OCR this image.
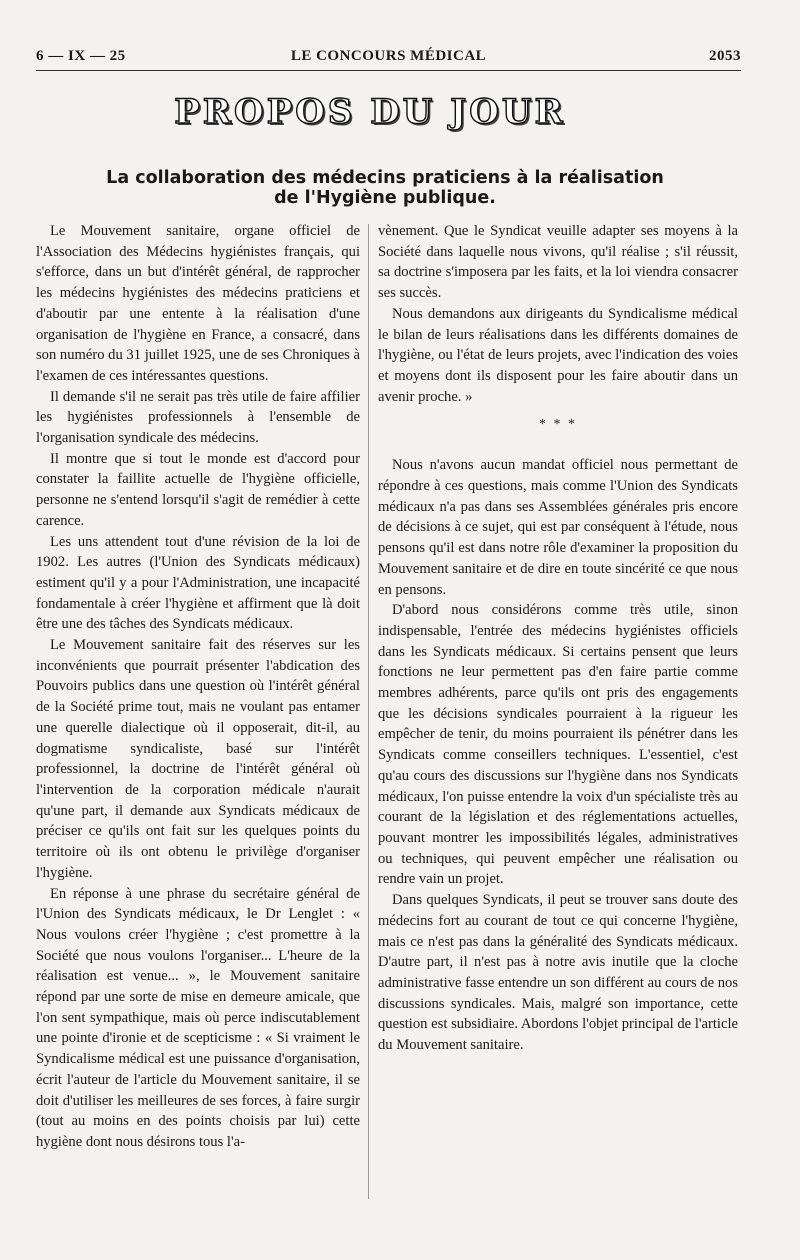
6 — IX — 25	LE CONCOURS MÉDICAL	2053
PROPOS DU JOUR
La collaboration des médecins praticiens à la réalisation
de l'Hygiène publique.

Le Mouvement sanitaire, organe officiel de l'Association des Médecins hygiénistes français, qui s'efforce, dans un but d'intérêt général, de rapprocher les médecins hygiénistes des médecins praticiens et d'aboutir par une entente à la réalisation d'une organisation de l'hygiène en France, a consacré, dans son numéro du 31 juillet 1925, une de ses Chroniques à l'examen de ces intéressantes questions.

Il demande s'il ne serait pas très utile de faire affilier les hygiénistes professionnels à l'ensemble de l'organisation syndicale des médecins.

Il montre que si tout le monde est d'accord pour constater la faillite actuelle de l'hygiène officielle, personne ne s'entend lorsqu'il s'agit de remédier à cette carence.

Les uns attendent tout d'une révision de la loi de 1902. Les autres (l'Union des Syndicats médicaux) estiment qu'il y a pour l'Administration, une incapacité fondamentale à créer l'hygiène et affirment que là doit être une des tâches des Syndicats médicaux.

Le Mouvement sanitaire fait des réserves sur les inconvénients que pourrait présenter l'abdication des Pouvoirs publics dans une question où l'intérêt général de la Société prime tout, mais ne voulant pas entamer une querelle dialectique où il opposerait, dit-il, au dogmatisme syndicaliste, basé sur l'intérêt professionnel, la doctrine de l'intérêt général où l'intervention de la corporation médicale n'aurait qu'une part, il demande aux Syndicats médicaux de préciser ce qu'ils ont fait sur les quelques points du territoire où ils ont obtenu le privilège d'organiser l'hygiène.

En réponse à une phrase du secrétaire général de l'Union des Syndicats médicaux, le Dr Lenglet : « Nous voulons créer l'hygiène ; c'est promettre à la Société que nous voulons l'organiser... L'heure de la réalisation est venue... », le Mouvement sanitaire répond par une sorte de mise en demeure amicale, que l'on sent sympathique, mais où perce indiscutablement une pointe d'ironie et de scepticisme : « Si vraiment le Syndicalisme médical est une puissance d'organisation, écrit l'auteur de l'article du Mouvement sanitaire, il se doit d'utiliser les meilleures de ses forces, à faire surgir (tout au moins en des points choisis par lui) cette hygiène dont nous désirons tous l'a-

vènement. Que le Syndicat veuille adapter ses moyens à la Société dans laquelle nous vivons, qu'il réalise ; s'il réussit, sa doctrine s'imposera par les faits, et la loi viendra consacrer ses succès.

Nous demandons aux dirigeants du Syndicalisme médical le bilan de leurs réalisations dans les différents domaines de l'hygiène, ou l'état de leurs projets, avec l'indication des voies et moyens dont ils disposent pour les faire aboutir dans un avenir proche. »

* * *

Nous n'avons aucun mandat officiel nous permettant de répondre à ces questions, mais comme l'Union des Syndicats médicaux n'a pas dans ses Assemblées générales pris encore de décisions à ce sujet, qui est par conséquent à l'étude, nous pensons qu'il est dans notre rôle d'examiner la proposition du Mouvement sanitaire et de dire en toute sincérité ce que nous en pensons.

D'abord nous considérons comme très utile, sinon indispensable, l'entrée des médecins hygiénistes officiels dans les Syndicats médicaux. Si certains pensent que leurs fonctions ne leur permettent pas d'en faire partie comme membres adhérents, parce qu'ils ont pris des engagements que les décisions syndicales pourraient à la rigueur les empêcher de tenir, du moins pourraient ils pénétrer dans les Syndicats comme conseillers techniques. L'essentiel, c'est qu'au cours des discussions sur l'hygiène dans nos Syndicats médicaux, l'on puisse entendre la voix d'un spécialiste très au courant de la législation et des réglementations actuelles, pouvant montrer les impossibilités légales, administratives ou techniques, qui peuvent empêcher une réalisation ou rendre vain un projet.

Dans quelques Syndicats, il peut se trouver sans doute des médecins fort au courant de tout ce qui concerne l'hygiène, mais ce n'est pas dans la généralité des Syndicats médicaux. D'autre part, il n'est pas à notre avis inutile que la cloche administrative fasse entendre un son différent au cours de nos discussions syndicales. Mais, malgré son importance, cette question est subsidiaire. Abordons l'objet principal de l'article du Mouvement sanitaire.
